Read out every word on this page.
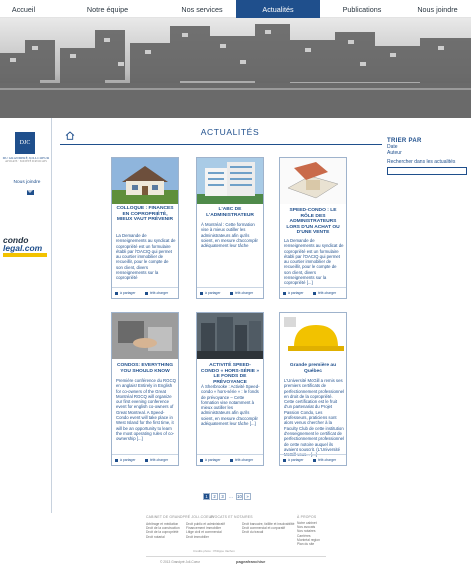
Accueil	Notre équipe	Nos services	Actualités	Publications	Nous joindre
DJC
DU GRANDPRÉ JOLI-COEUR
AVOCATS · SOCIÉTÉ D'AVOCATS
Nous joindre
condo
legal.com
ACTUALITÉS
TRIER PAR
Date
Auteur
Rechercher dans les actualités
COLLOQUE : FINANCES EN COPROPRIÉTÉ, MIEUX VAUT PRÉVENIR
La Demande de renseignements au syndicat de copropriété est un formulaire établi par l'OACIQ qui permet au courtier immobilier de recueillir, pour le compte de son client, divers renseignements sur la copropriété
à partager	télé-charger
L'ABC DE L'ADMINISTRATEUR
À Montréal : Cette formation vise à mieux outiller les administrateurs afin qu'ils soient, en mesure d'accomplir adéquatement leur tâche
à partager	télé-charger
SPEED-CONDO : LE RÔLE DES ADMINISTRATEURS LORS D'UN ACHAT OU D'UNE VENTE
La Demande de renseignements au syndicat de copropriété est un formulaire établi par l'OACIQ qui permet au courtier immobilier de recueillir, pour le compte de son client, divers renseignements sur la copropriété [...]
à partager	télé-charger
CONDOS: EVERYTHING YOU SHOULD KNOW
Première conférence du RGCQ en anglais! Entirely in English for co-owners of the Great Montréal RGCQ will organize our first evening conference event for english co-owners of Great Montreal. A Speed-Condo event will take place in West Island for the first time, it will be an opportunity to learn the most operating rules of co-ownership [...]
à partager	télé-charger
ACTIVITÉ SPEED-CONDO « HORS-SÉRIE » LE FONDS DE PRÉVOYANCE
À Sherbrooke : Activité Speed-condo « hors-série » : le fonds de prévoyance – Cette formation vise notamment à mieux outiller les administrateurs afin qu'ils soient, en mesure d'accomplir adéquatement leur tâche [...]
à partager	télé-charger
Grande première au Québec
L'Université McGill a remis ses premiers certificats de perfectionnement professionnel en droit de la copropriété. Cette certification est le fruit d'un partenariat du Projet Passion Condo, Les professeurs, praticiens sont alors venus chercher à la Faculty Club de cette institution d'enseignement le certificat de perfectionnement professionnel de cette notoire auquel ils avaient souscrit. (L'Université McGill vous... [...]
à partager	télé-charger
1	2	3	...	10	»
CABINET DE GRANDPRÉ JOLI-COEUR
AVOCATS ET NOTAIRES	À PROPOS
Arbitrage et médiation
Droit de la construction
Droit de la copropriété
Droit notarial
Droit public et administratif
Financement immobilier
Litige civil et commercial
Droit immobilier
Droit bancaire, faillite et insolvabilité
Droit commercial et corporatif
Droit du travail
Notre cabinet
Nos avocats
Nos notaires
Carrières
Montréal region
Plan du site
Crédits photo : Philippe Vachon
© 2013 Grandpré Joli-Coeur	pageafranchise
